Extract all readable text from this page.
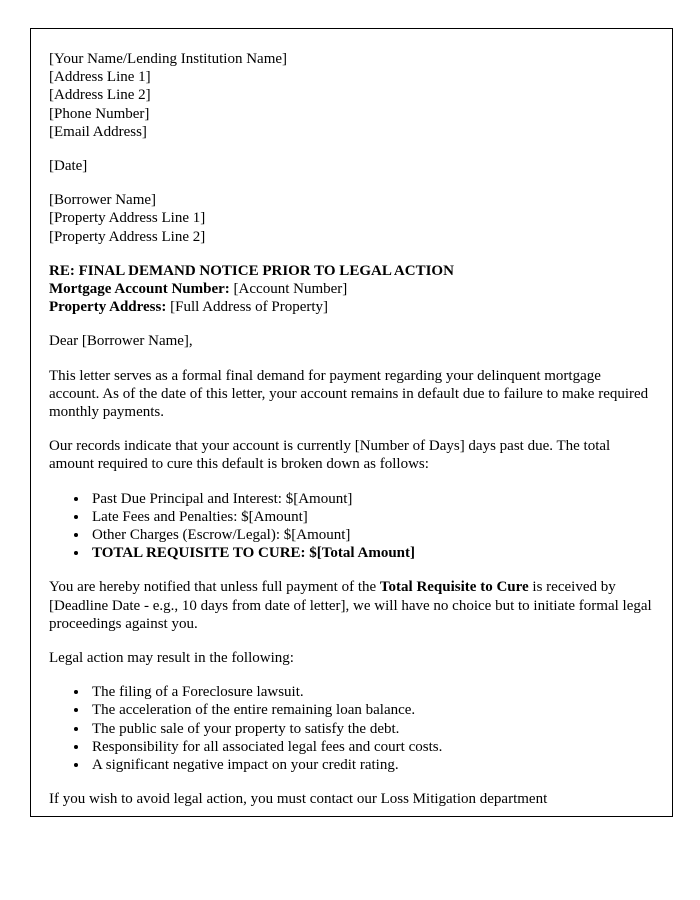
[Your Name/Lending Institution Name]
[Address Line 1]
[Address Line 2]
[Phone Number]
[Email Address]
[Date]
[Borrower Name]
[Property Address Line 1]
[Property Address Line 2]
RE: FINAL DEMAND NOTICE PRIOR TO LEGAL ACTION
Mortgage Account Number: [Account Number]
Property Address: [Full Address of Property]

Dear [Borrower Name],

This letter serves as a formal final demand for payment regarding your delinquent mortgage account. As of the date of this letter, your account remains in default due to failure to make required monthly payments.

Our records indicate that your account is currently [Number of Days] days past due. The total amount required to cure this default is broken down as follows:

• Past Due Principal and Interest: $[Amount]
• Late Fees and Penalties: $[Amount]
• Other Charges (Escrow/Legal): $[Amount]
• TOTAL REQUISITE TO CURE: $[Total Amount]

You are hereby notified that unless full payment of the Total Requisite to Cure is received by [Deadline Date - e.g., 10 days from date of letter], we will have no choice but to initiate formal legal proceedings against you.

Legal action may result in the following:

• The filing of a Foreclosure lawsuit.
• The acceleration of the entire remaining loan balance.
• The public sale of your property to satisfy the debt.
• Responsibility for all associated legal fees and court costs.
• A significant negative impact on your credit rating.

If you wish to avoid legal action, you must contact our Loss Mitigation department
